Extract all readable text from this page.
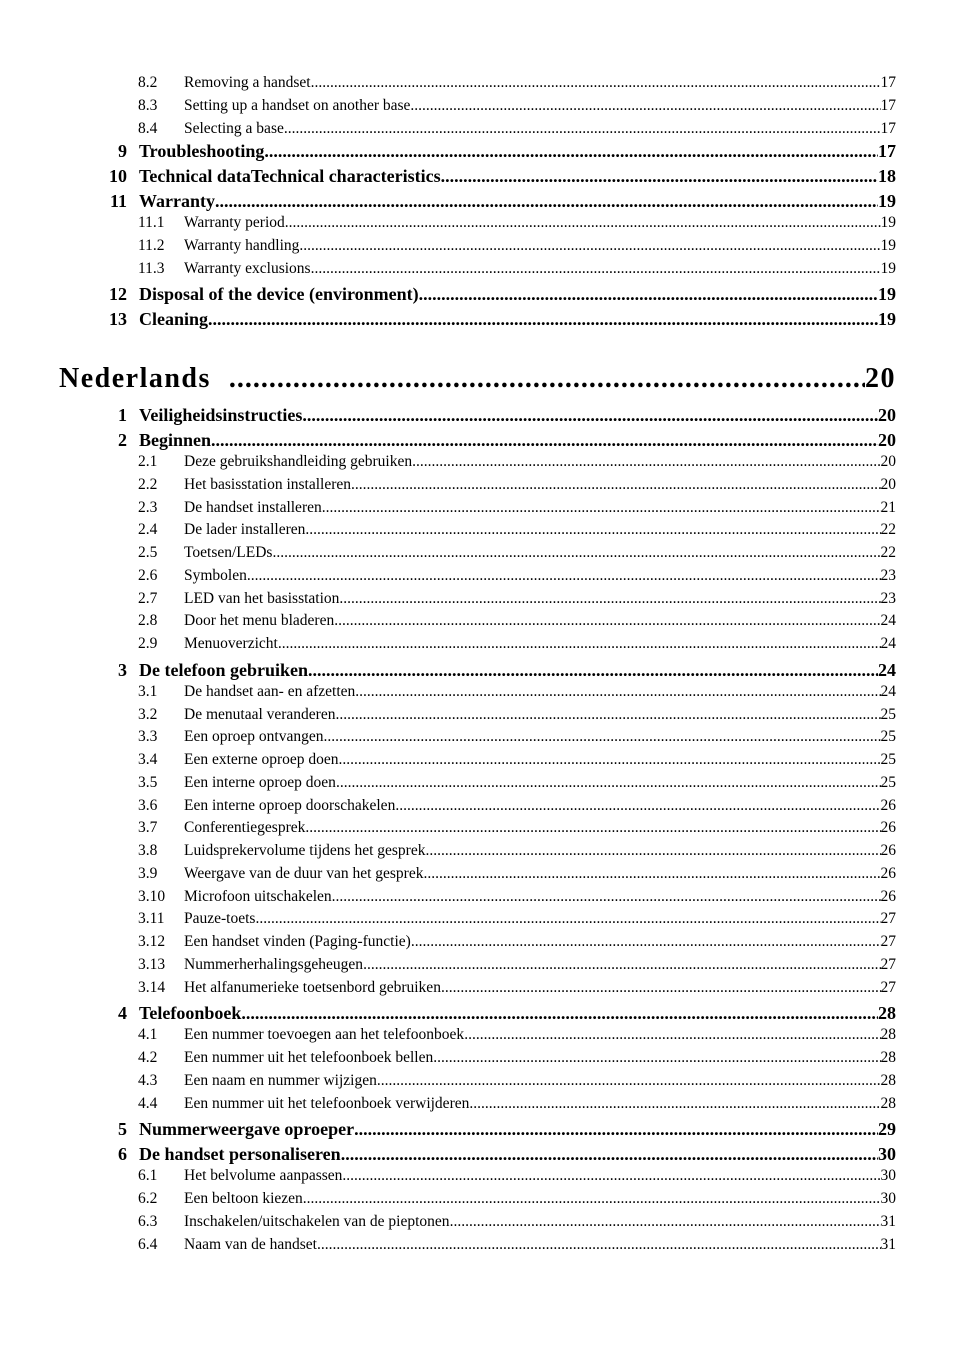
8.2 Removing a handset .....	17
8.3 Setting up a handset on another base .....	17
8.4 Selecting a base .....	17
9 Troubleshooting .....	17
10 Technical dataTechnical characteristics .....	18
11 Warranty .....	19
11.1 Warranty period .....	19
11.2 Warranty handling .....	19
11.3 Warranty exclusions .....	19
12 Disposal of the device (environment) .....	19
13 Cleaning .....	19
Nederlands .....	20
1 Veiligheidsinstructies .....	20
2 Beginnen .....	20
2.1 Deze gebruikshandleiding gebruiken .....	20
2.2 Het basisstation installeren .....	20
2.3 De handset installeren .....	21
2.4 De lader installeren .....	22
2.5 Toetsen/LEDs .....	22
2.6 Symbolen .....	23
2.7 LED van het basisstation .....	23
2.8 Door het menu bladeren .....	24
2.9 Menuoverzicht .....	24
3 De telefoon gebruiken .....	24
3.1 De handset aan- en afzetten .....	24
3.2 De menutaal veranderen .....	25
3.3 Een oproep ontvangen .....	25
3.4 Een externe oproep doen .....	25
3.5 Een interne oproep doen .....	25
3.6 Een interne oproep doorschakelen .....	26
3.7 Conferentiegesprek .....	26
3.8 Luidsprekervolume tijdens het gesprek .....	26
3.9 Weergave van de duur van het gesprek .....	26
3.10 Microfoon uitschakelen .....	26
3.11 Pauze-toets .....	27
3.12 Een handset vinden (Paging-functie) .....	27
3.13 Nummerherhalingsgeheugen .....	27
3.14 Het alfanumerieke toetsenbord gebruiken .....	27
4 Telefoonboek .....	28
4.1 Een nummer toevoegen aan het telefoonboek .....	28
4.2 Een nummer uit het telefoonboek bellen .....	28
4.3 Een naam en nummer wijzigen .....	28
4.4 Een nummer uit het telefoonboek verwijderen .....	28
5 Nummerweergave oproeper .....	29
6 De handset personaliseren .....	30
6.1 Het belvolume aanpassen .....	30
6.2 Een beltoon kiezen .....	30
6.3 Inschakelen/uitschakelen van de pieptonen .....	31
6.4 Naam van de handset .....	31
